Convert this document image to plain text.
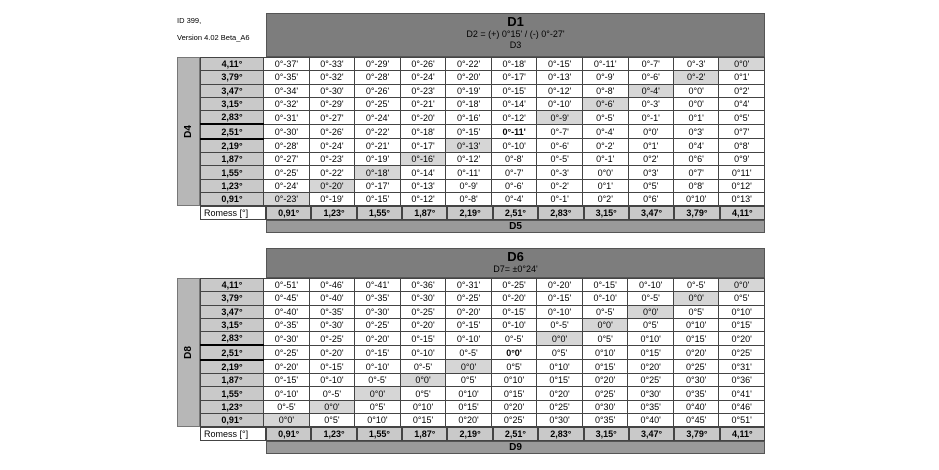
ID 399,
Version 4.02 Beta_A6
D1
D2 = (+) 0°15' / (-) 0°-27'
D3
D4
4,11°	0°-37'	0°-33'	0°-29'	0°-26'	0°-22'	0°-18'	0°-15'	0°-11'	0°-7'	0°-3'	0°0'
3,79°	0°-35'	0°-32'	0°-28'	0°-24'	0°-20'	0°-17'	0°-13'	0°-9'	0°-6'	0°-2'	0°1'
3,47°	0°-34'	0°-30'	0°-26'	0°-23'	0°-19'	0°-15'	0°-12'	0°-8'	0°-4'	0°0'	0°2'
3,15°	0°-32'	0°-29'	0°-25'	0°-21'	0°-18'	0°-14'	0°-10'	0°-6'	0°-3'	0°0'	0°4'
2,83°	0°-31'	0°-27'	0°-24'	0°-20'	0°-16'	0°-12'	0°-9'	0°-5'	0°-1'	0°1'	0°5'
2,51°	0°-30'	0°-26'	0°-22'	0°-18'	0°-15'	0°-11'	0°-7'	0°-4'	0°0'	0°3'	0°7'
2,19°	0°-28'	0°-24'	0°-21'	0°-17'	0°-13'	0°-10'	0°-6'	0°-2'	0°1'	0°4'	0°8'
1,87°	0°-27'	0°-23'	0°-19'	0°-16'	0°-12'	0°-8'	0°-5'	0°-1'	0°2'	0°6'	0°9'
1,55°	0°-25'	0°-22'	0°-18'	0°-14'	0°-11'	0°-7'	0°-3'	0°0'	0°3'	0°7'	0°11'
1,23°	0°-24'	0°-20'	0°-17'	0°-13'	0°-9'	0°-6'	0°-2'	0°1'	0°5'	0°8'	0°12'
0,91°	0°-23'	0°-19'	0°-15'	0°-12'	0°-8'	0°-4'	0°-1'	0°2'	0°6'	0°10'	0°13'
Romess [°]	0,91°	1,23°	1,55°	1,87°	2,19°	2,51°	2,83°	3,15°	3,47°	3,79°	4,11°
D5
D6
D7= ±0°24'
D8
4,11°	0°-51'	0°-46'	0°-41'	0°-36'	0°-31'	0°-25'	0°-20'	0°-15'	0°-10'	0°-5'	0°0'
3,79°	0°-45'	0°-40'	0°-35'	0°-30'	0°-25'	0°-20'	0°-15'	0°-10'	0°-5'	0°0'	0°5'
3,47°	0°-40'	0°-35'	0°-30'	0°-25'	0°-20'	0°-15'	0°-10'	0°-5'	0°0'	0°5'	0°10'
3,15°	0°-35'	0°-30'	0°-25'	0°-20'	0°-15'	0°-10'	0°-5'	0°0'	0°5'	0°10'	0°15'
2,83°	0°-30'	0°-25'	0°-20'	0°-15'	0°-10'	0°-5'	0°0'	0°5'	0°10'	0°15'	0°20'
2,51°	0°-25'	0°-20'	0°-15'	0°-10'	0°-5'	0°0'	0°5'	0°10'	0°15'	0°20'	0°25'
2,19°	0°-20'	0°-15'	0°-10'	0°-5'	0°0'	0°5'	0°10'	0°15'	0°20'	0°25'	0°31'
1,87°	0°-15'	0°-10'	0°-5'	0°0'	0°5'	0°10'	0°15'	0°20'	0°25'	0°30'	0°36'
1,55°	0°-10'	0°-5'	0°0'	0°5'	0°10'	0°15'	0°20'	0°25'	0°30'	0°35'	0°41'
1,23°	0°-5'	0°0'	0°5'	0°10'	0°15'	0°20'	0°25'	0°30'	0°35'	0°40'	0°46'
0,91°	0°0'	0°5'	0°10'	0°15'	0°20'	0°25'	0°30'	0°35'	0°40'	0°45'	0°51'
Romess [°]	0,91°	1,23°	1,55°	1,87°	2,19°	2,51°	2,83°	3,15°	3,47°	3,79°	4,11°
D9
